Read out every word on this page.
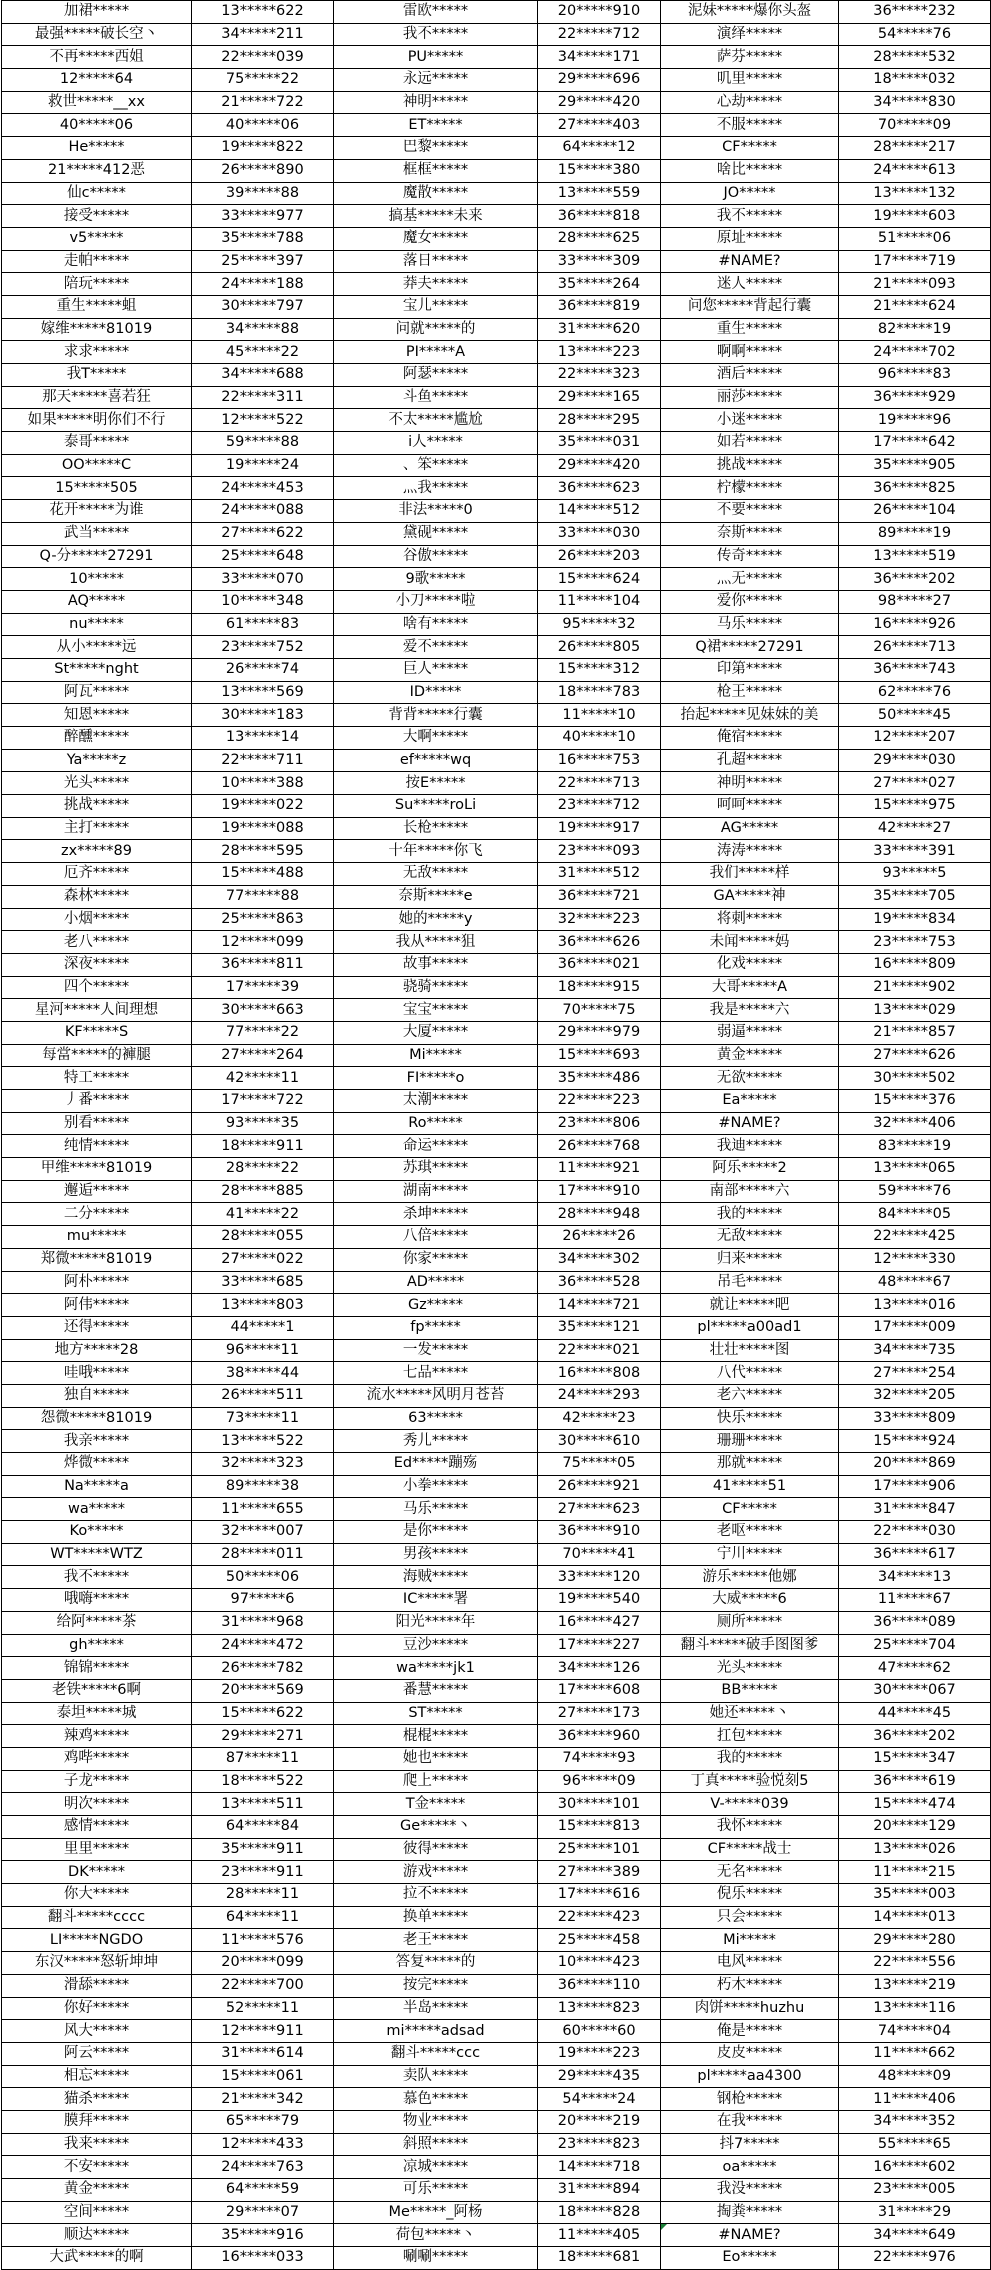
加裙*****	13*****622	雷欧*****	20*****910	泥妹*****爆你头盔	36*****232
最强*****破长空丶	34*****211	我不*****	22*****712	演绎*****	54*****76
不再*****西姐	22*****039	PU*****	34*****171	萨芬*****	28*****532
12*****64	75*****22	永远*****	29*****696	叽里*****	18*****032
救世*****__xx	21*****722	神明*****	29*****420	心劫*****	34*****830
40*****06	40*****06	ET*****	27*****403	不服*****	70*****09
He*****	19*****822	巴黎*****	64*****12	CF*****	28*****217
21*****412恶	26*****890	框框*****	15*****380	啥比*****	24*****613
仙c*****	39*****88	魔散*****	13*****559	JO*****	13*****132
接受*****	33*****977	搞基*****未来	36*****818	我不*****	19*****603
v5*****	35*****788	魔女*****	28*****625	原址*****	51*****06
走帕*****	25*****397	落日*****	33*****309	#NAME?	17*****719
陪玩*****	24*****188	莽夫*****	35*****264	迷人*****	21*****093
重生*****蛆	30*****797	宝儿*****	36*****819	问您*****背起行囊	21*****624
嫁维*****81019	34*****88	问就*****的	31*****620	重生*****	82*****19
求求*****	45*****22	PI*****A	13*****223	啊啊*****	24*****702
我T*****	34*****688	阿瑟*****	22*****323	酒后*****	96*****83
那天*****喜若狂	22*****311	斗鱼*****	29*****165	丽莎*****	36*****929
如果*****明你们不行	12*****522	不太*****尴尬	28*****295	小迷*****	19*****96
泰哥*****	59*****88	i人*****	35*****031	如若*****	17*****642
OO*****C	19*****24	、笨*****	29*****420	挑战*****	35*****905
15*****505	24*****453	灬我*****	36*****623	柠檬*****	36*****825
花开*****为谁	24*****088	非法*****0	14*****512	不要*****	26*****104
武当*****	27*****622	黛砚*****	33*****030	奈斯*****	89*****19
Q-分*****27291	25*****648	谷傲*****	26*****203	传奇*****	13*****519
10*****	33*****070	9歌*****	15*****624	灬无*****	36*****202
AQ*****	10*****348	小刀*****啦	11*****104	爱你*****	98*****27
nu*****	61*****83	啥有*****	95*****32	马乐*****	16*****926
从小*****远	23*****752	爱不*****	26*****805	Q裙*****27291	26*****713
St*****nght	26*****74	巨人*****	15*****312	印第*****	36*****743
阿瓦*****	13*****569	ID*****	18*****783	枪王*****	62*****76
知恩*****	30*****183	背背*****行囊	11*****10	抬起*****见妹妹的美	50*****45
醉醺*****	13*****14	大啊*****	40*****10	俺宿*****	12*****207
Ya*****z	22*****711	ef*****wq	16*****753	孔超*****	29*****030
光头*****	10*****388	按E*****	22*****713	神明*****	27*****027
挑战*****	19*****022	Su*****roLi	23*****712	呵呵*****	15*****975
主打*****	19*****088	长枪*****	19*****917	AG*****	42*****27
zx*****89	28*****595	十年*****你飞	23*****093	涛涛*****	33*****391
厄齐*****	15*****488	无敌*****	31*****512	我们*****样	93*****5
森林*****	77*****88	奈斯*****e	36*****721	GA*****神	35*****705
小烟*****	25*****863	她的*****y	32*****223	将刺*****	19*****834
老八*****	12*****099	我从*****狙	36*****626	未闻*****妈	23*****753
深夜*****	36*****811	故事*****	36*****021	化戏*****	16*****809
四个*****	17*****39	骁骑*****	18*****915	大哥*****A	21*****902
星河*****人间理想	30*****663	宝宝*****	70*****75	我是*****六	13*****029
KF*****S	77*****22	大厦*****	29*****979	弱逼*****	21*****857
每當*****的褲腿	27*****264	Mi*****	15*****693	黄金*****	27*****626
特工*****	42*****11	FI*****o	35*****486	无欲*****	30*****502
丿番*****	17*****722	太潮*****	22*****223	Ea*****	15*****376
别看*****	93*****35	Ro*****	23*****806	#NAME?	32*****406
纯情*****	18*****911	命运*****	26*****768	我迪*****	83*****19
甲维*****81019	28*****22	苏琪*****	11*****921	阿乐*****2	13*****065
邂逅*****	28*****885	湖南*****	17*****910	南部*****六	59*****76
二分*****	41*****22	杀坤*****	28*****948	我的*****	84*****05
mu*****	28*****055	八倍*****	26*****26	无敌*****	22*****425
郑微*****81019	27*****022	你家*****	34*****302	归来*****	12*****330
阿朴*****	33*****685	AD*****	36*****528	吊毛*****	48*****67
阿伟*****	13*****803	Gz*****	14*****721	就让*****吧	13*****016
还得*****	44*****1	fp*****	35*****121	pl*****a00ad1	17*****009
地方*****28	96*****11	一发*****	22*****021	壮壮*****图	34*****735
哇哦*****	38*****44	七品*****	16*****808	八代*****	27*****254
独自*****	26*****511	流水*****风明月苍苔	24*****293	老六*****	32*****205
怨微*****81019	73*****11	63*****	42*****23	快乐*****	33*****809
我亲*****	13*****522	秀儿*****	30*****610	珊珊*****	15*****924
烨微*****	32*****323	Ed*****蹦殇	75*****05	那就*****	20*****869
Na*****a	89*****38	小拳*****	26*****921	41*****51	17*****906
wa*****	11*****655	马乐*****	27*****623	CF*****	31*****847
Ko*****	32*****007	是你*****	36*****910	老呕*****	22*****030
WT*****WTZ	28*****011	男孩*****	70*****41	宁川*****	36*****617
我不*****	50*****06	海贼*****	33*****120	游乐*****他娜	34*****13
哦嗨*****	97*****6	IC*****署	19*****540	大威*****6	11*****67
给阿*****茶	31*****968	阳光*****年	16*****427	厕所*****	36*****089
gh*****	24*****472	豆沙*****	17*****227	翻斗*****破手图图爹	25*****704
锦锦*****	26*****782	wa*****jk1	34*****126	光头*****	47*****62
老铁*****6啊	20*****569	番慧*****	17*****608	BB*****	30*****067
泰坦*****城	15*****622	ST*****	27*****173	她还*****丶	44*****45
辣鸡*****	29*****271	棍棍*****	36*****960	扛包*****	36*****202
鸡哔*****	87*****11	她也*****	74*****93	我的*****	15*****347
子龙*****	18*****522	爬上*****	96*****09	丁真*****验悦刻5	36*****619
明次*****	13*****511	T金*****	30*****101	V-*****039	15*****474
感情*****	64*****84	Ge*****丶	15*****813	我怀*****	20*****129
里里*****	35*****911	彼得*****	25*****101	CF*****战士	13*****026
DK*****	23*****911	游戏*****	27*****389	无名*****	11*****215
你大*****	28*****11	拉不*****	17*****616	倪乐*****	35*****003
翻斗*****cccc	64*****11	换单*****	22*****423	只会*****	14*****013
LI*****NGDO	11*****576	老王*****	25*****458	Mi*****	29*****280
东汉*****怒斩坤坤	20*****099	答复*****的	10*****423	电风*****	22*****556
滑舔*****	22*****700	按完*****	36*****110	朽木*****	13*****219
你好*****	52*****11	半岛*****	13*****823	肉饼*****huzhu	13*****116
风大*****	12*****911	mi*****adsad	60*****60	俺是*****	74*****04
阿云*****	31*****614	翻斗*****ccc	19*****223	皮皮*****	11*****662
相忘*****	15*****061	卖队*****	29*****435	pl*****aa4300	48*****09
猫杀*****	21*****342	慕色*****	54*****24	钢枪*****	11*****406
膜拜*****	65*****79	物业*****	20*****219	在我*****	34*****352
我来*****	12*****433	斜照*****	23*****823	抖7*****	55*****65
不安*****	24*****763	凉城*****	14*****718	oa*****	16*****602
黄金*****	64*****59	可乐*****	31*****894	我没*****	23*****005
空间*****	29*****07	Me*****_阿杨	18*****828	掏粪*****	31*****29
顺达*****	35*****916	荷包*****丶	11*****405	#NAME?	34*****649
大武*****的啊	16*****033	唰唰*****	18*****681	Eo*****	22*****976
